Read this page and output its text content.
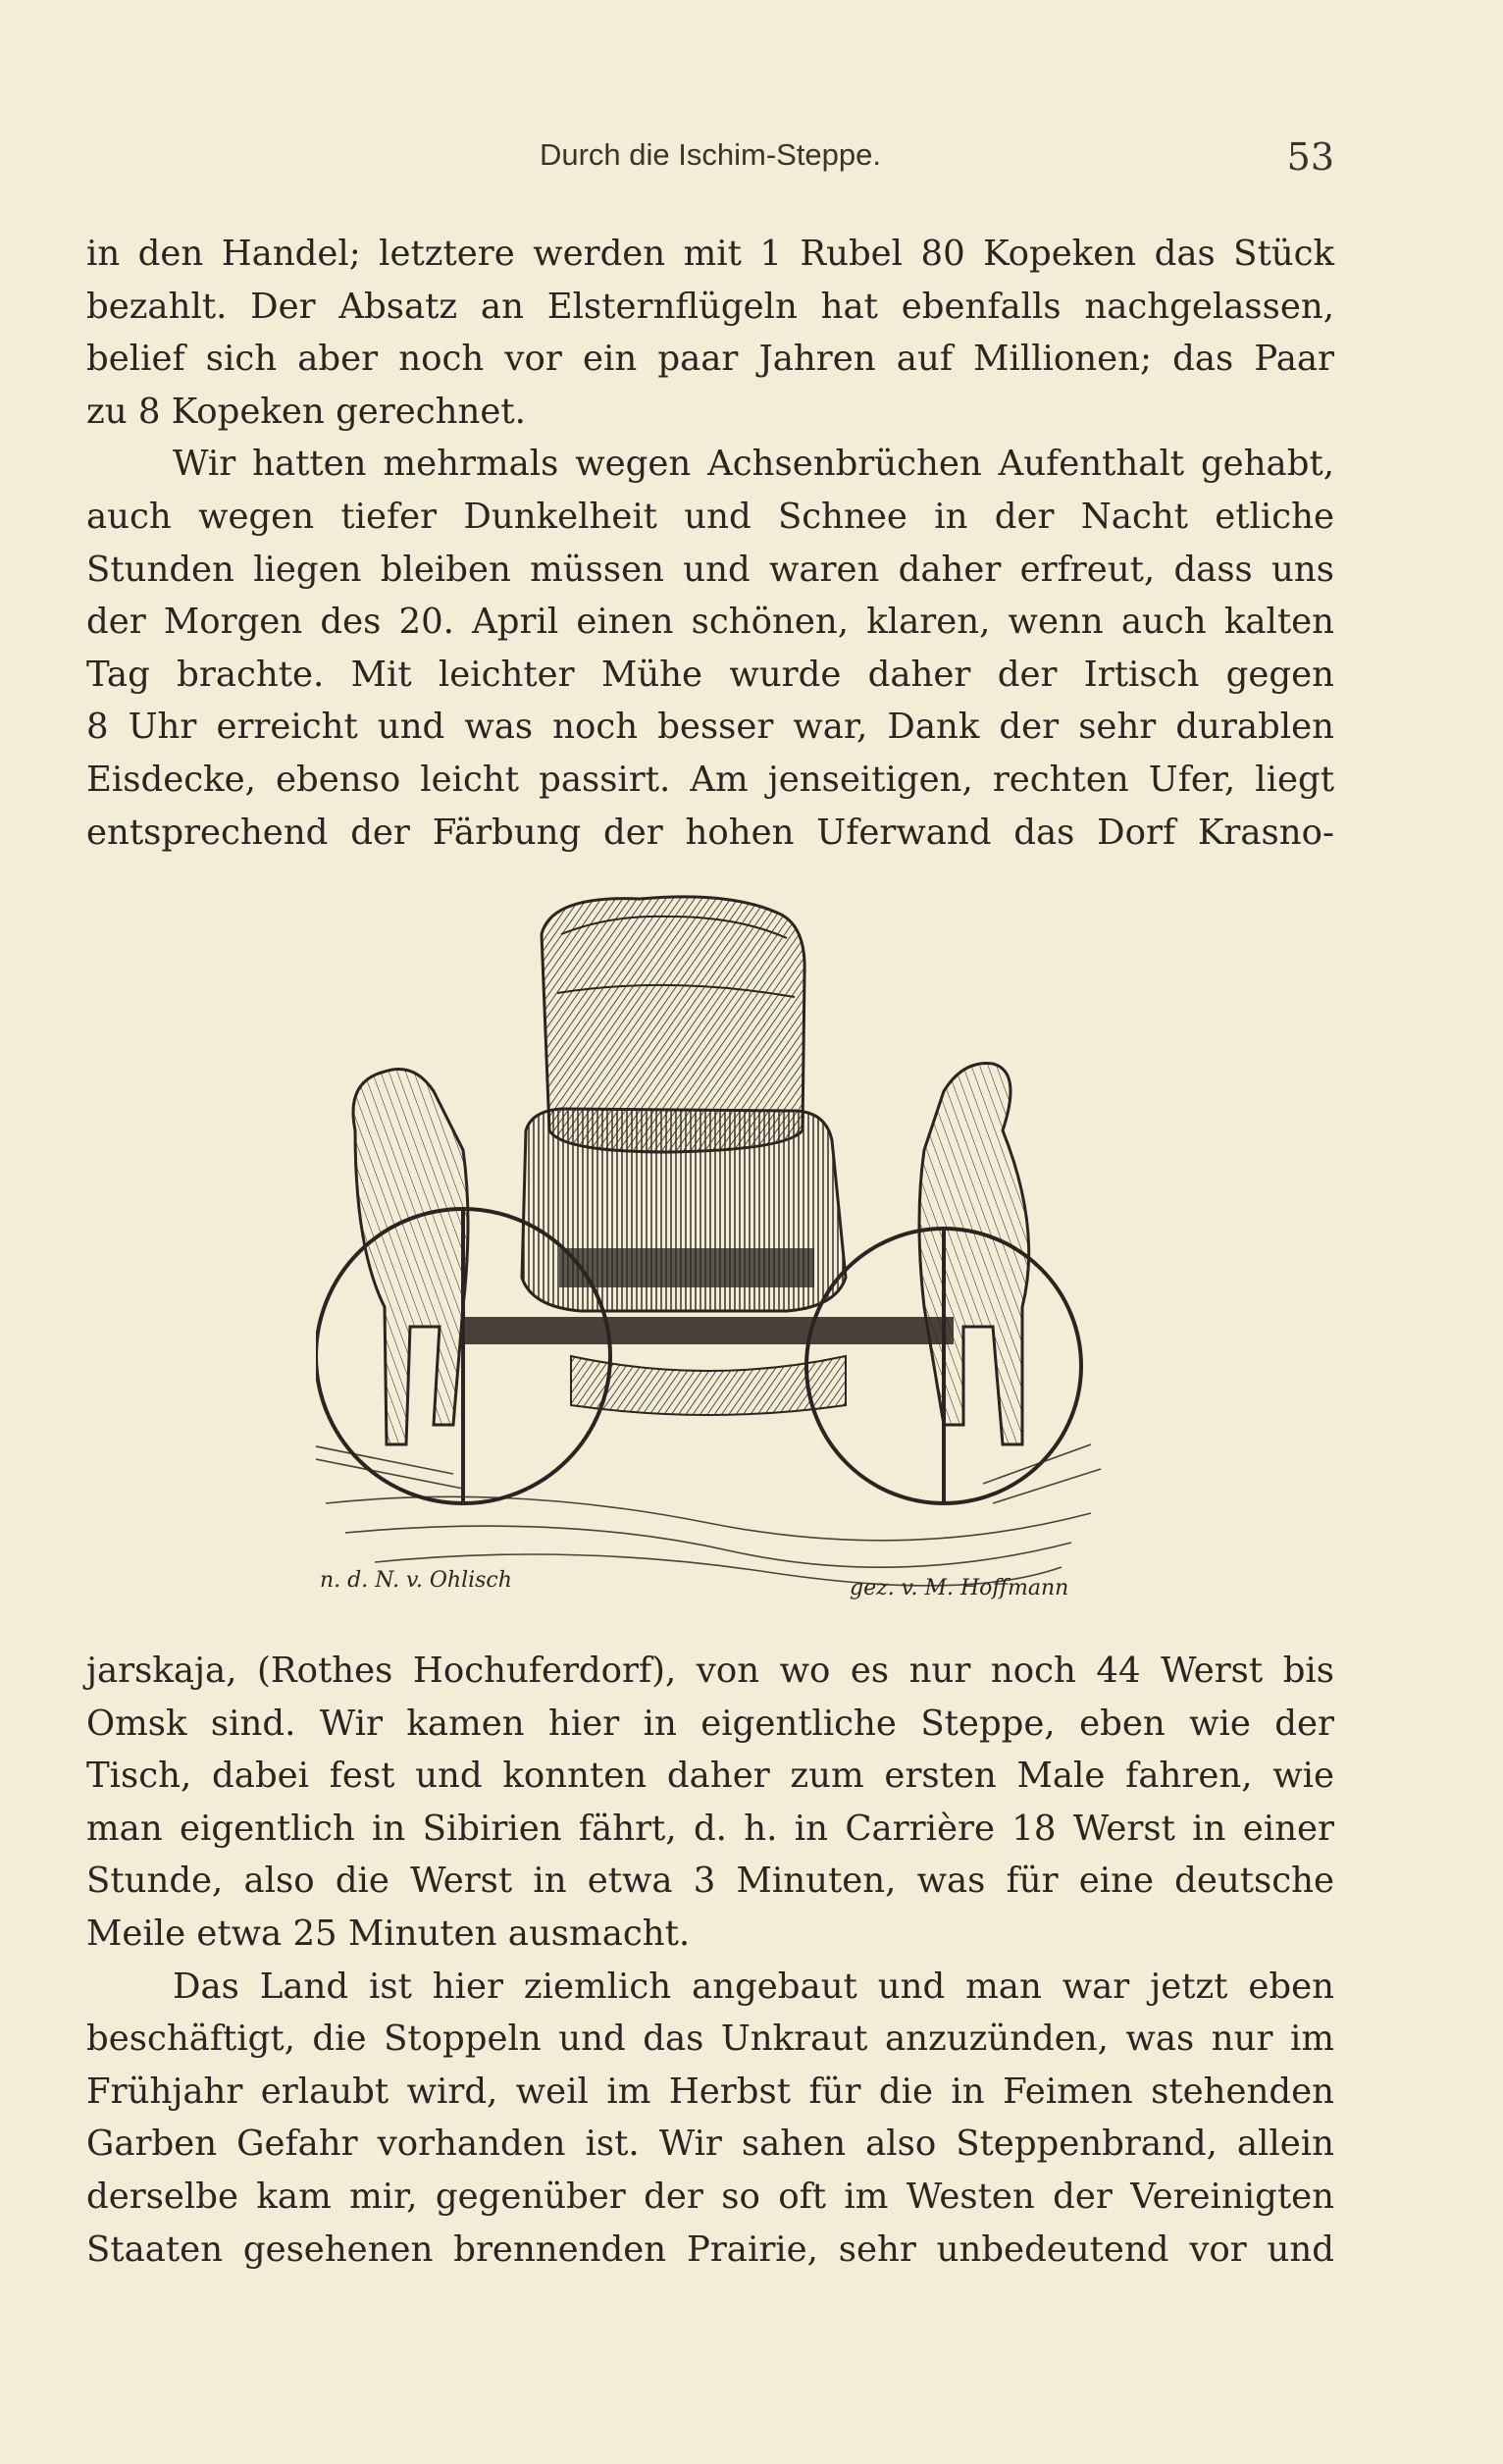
Durch die Ischim-Steppe.	53
in den Handel; letztere werden mit 1 Rubel 80 Kopeken das Stück
bezahlt. Der Absatz an Elsternflügeln hat ebenfalls nachgelassen,
belief sich aber noch vor ein paar Jahren auf Millionen; das Paar
zu 8 Kopeken gerechnet.
Wir hatten mehrmals wegen Achsenbrüchen Aufenthalt gehabt,
auch wegen tiefer Dunkelheit und Schnee in der Nacht etliche
Stunden liegen bleiben müssen und waren daher erfreut, dass uns
der Morgen des 20. April einen schönen, klaren, wenn auch kalten
Tag brachte. Mit leichter Mühe wurde daher der Irtisch gegen
8 Uhr erreicht und was noch besser war, Dank der sehr durablen
Eisdecke, ebenso leicht passirt. Am jenseitigen, rechten Ufer, liegt
entsprechend der Färbung der hohen Uferwand das Dorf Krasno-
n. d. N. v. Ohlisch	gez. v. M. Hoffmann
jarskaja, (Rothes Hochuferdorf), von wo es nur noch 44 Werst bis
Omsk sind. Wir kamen hier in eigentliche Steppe, eben wie der
Tisch, dabei fest und konnten daher zum ersten Male fahren, wie
man eigentlich in Sibirien fährt, d. h. in Carrière 18 Werst in einer
Stunde, also die Werst in etwa 3 Minuten, was für eine deutsche
Meile etwa 25 Minuten ausmacht.
Das Land ist hier ziemlich angebaut und man war jetzt eben
beschäftigt, die Stoppeln und das Unkraut anzuzünden, was nur im
Frühjahr erlaubt wird, weil im Herbst für die in Feimen stehenden
Garben Gefahr vorhanden ist. Wir sahen also Steppenbrand, allein
derselbe kam mir, gegenüber der so oft im Westen der Vereinigten
Staaten gesehenen brennenden Prairie, sehr unbedeutend vor und
